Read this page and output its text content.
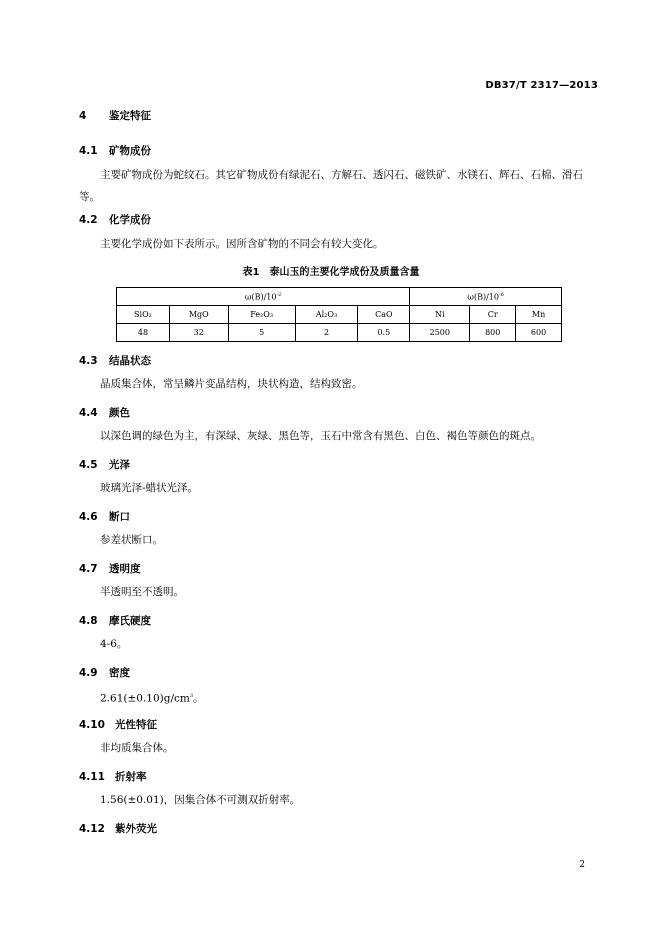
DB37/T 2317—2013
4 鉴定特征
4.1 矿物成份
主要矿物成份为蛇纹石。其它矿物成份有绿泥石、方解石、透闪石、磁铁矿、水镁石、辉石、石棉、滑石等。
4.2 化学成份
主要化学成份如下表所示。因所含矿物的不同会有较大变化。
表1　泰山玉的主要化学成份及质量含量
$\omega(B)/10^{-2}$					$\omega(B)/10^{-6}$
SiO₂	MgO	Fe₂O₃	Al₂O₃	CaO	Ni	Cr	Mn
48	32	5	2	0.5	2500	800	600
4.3 结晶状态
晶质集合体，常呈鳞片变晶结构，块状构造，结构致密。
4.4 颜色
以深色调的绿色为主，有深绿、灰绿、黑色等，玉石中常含有黑色、白色、褐色等颜色的斑点。
4.5 光泽
玻璃光泽-蜡状光泽。
4.6 断口
参差状断口。
4.7 透明度
半透明至不透明。
4.8 摩氏硬度
4-6。
4.9 密度
$2.61(\pm 0.10)g/cm^3$。
4.10 光性特征
非均质集合体。
4.11 折射率
1.56(±0.01)，因集合体不可测双折射率。
4.12 紫外荧光
2
